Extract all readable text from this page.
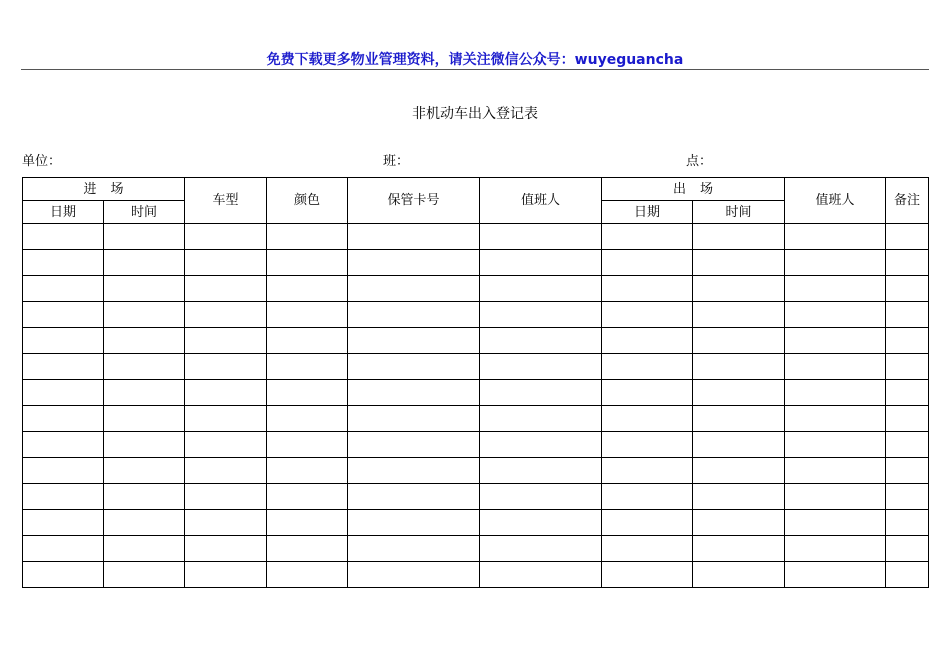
免费下载更多物业管理资料，请关注微信公众号：wuyeguancha
非机动车出入登记表
单位：	班：	点：
进场		车型	颜色	保管卡号	值班人	出场		值班人	备注
日期	时间					日期	时间		
